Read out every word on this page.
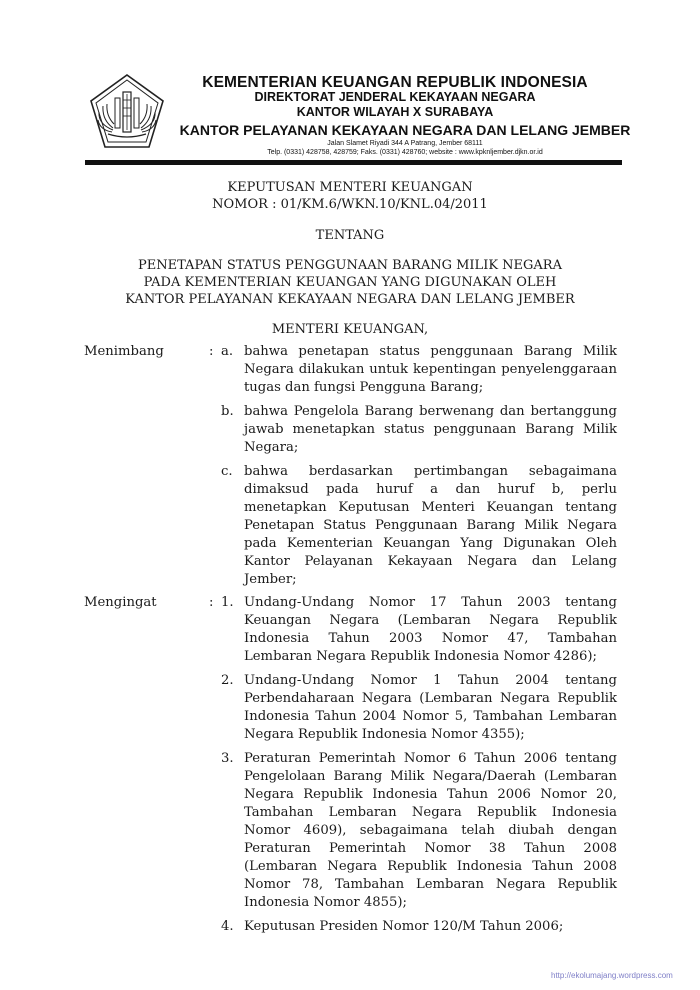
KEMENTERIAN KEUANGAN REPUBLIK INDONESIA
DIREKTORAT JENDERAL KEKAYAAN NEGARA
KANTOR WILAYAH X SURABAYA
KANTOR PELAYANAN KEKAYAAN NEGARA DAN LELANG JEMBER
Jalan Slamet Riyadi 344 A Patrang, Jember 68111
Telp. (0331) 428758, 428759; Faks. (0331) 428760; website : www.kpknljember.djkn.or.id
KEPUTUSAN MENTERI KEUANGAN
NOMOR : 01/KM.6/WKN.10/KNL.04/2011
TENTANG
PENETAPAN STATUS PENGGUNAAN BARANG MILIK NEGARA
PADA KEMENTERIAN KEUANGAN YANG DIGUNAKAN OLEH
KANTOR PELAYANAN KEKAYAAN NEGARA DAN LELANG JEMBER
MENTERI KEUANGAN,
Menimbang	: a. bahwa penetapan status penggunaan Barang Milik
Negara dilakukan untuk kepentingan penyelenggaraan
tugas dan fungsi Pengguna Barang;
b. bahwa Pengelola Barang berwenang dan bertanggung
jawab menetapkan status penggunaan Barang Milik
Negara;
c. bahwa berdasarkan pertimbangan sebagaimana
dimaksud pada huruf a dan huruf b, perlu
menetapkan Keputusan Menteri Keuangan tentang
Penetapan Status Penggunaan Barang Milik Negara
pada Kementerian Keuangan Yang Digunakan Oleh
Kantor Pelayanan Kekayaan Negara dan Lelang
Jember;
Mengingat	: 1. Undang-Undang Nomor 17 Tahun 2003 tentang
Keuangan Negara (Lembaran Negara Republik
Indonesia Tahun 2003 Nomor 47, Tambahan
Lembaran Negara Republik Indonesia Nomor 4286);
2. Undang-Undang Nomor 1 Tahun 2004 tentang
Perbendaharaan Negara (Lembaran Negara Republik
Indonesia Tahun 2004 Nomor 5, Tambahan Lembaran
Negara Republik Indonesia Nomor 4355);
3. Peraturan Pemerintah Nomor 6 Tahun 2006 tentang
Pengelolaan Barang Milik Negara/Daerah (Lembaran
Negara Republik Indonesia Tahun 2006 Nomor 20,
Tambahan Lembaran Negara Republik Indonesia
Nomor 4609), sebagaimana telah diubah dengan
Peraturan Pemerintah Nomor 38 Tahun 2008
(Lembaran Negara Republik Indonesia Tahun 2008
Nomor 78, Tambahan Lembaran Negara Republik
Indonesia Nomor 4855);
4. Keputusan Presiden Nomor 120/M Tahun 2006;
http://ekolumajang.wordpress.com
